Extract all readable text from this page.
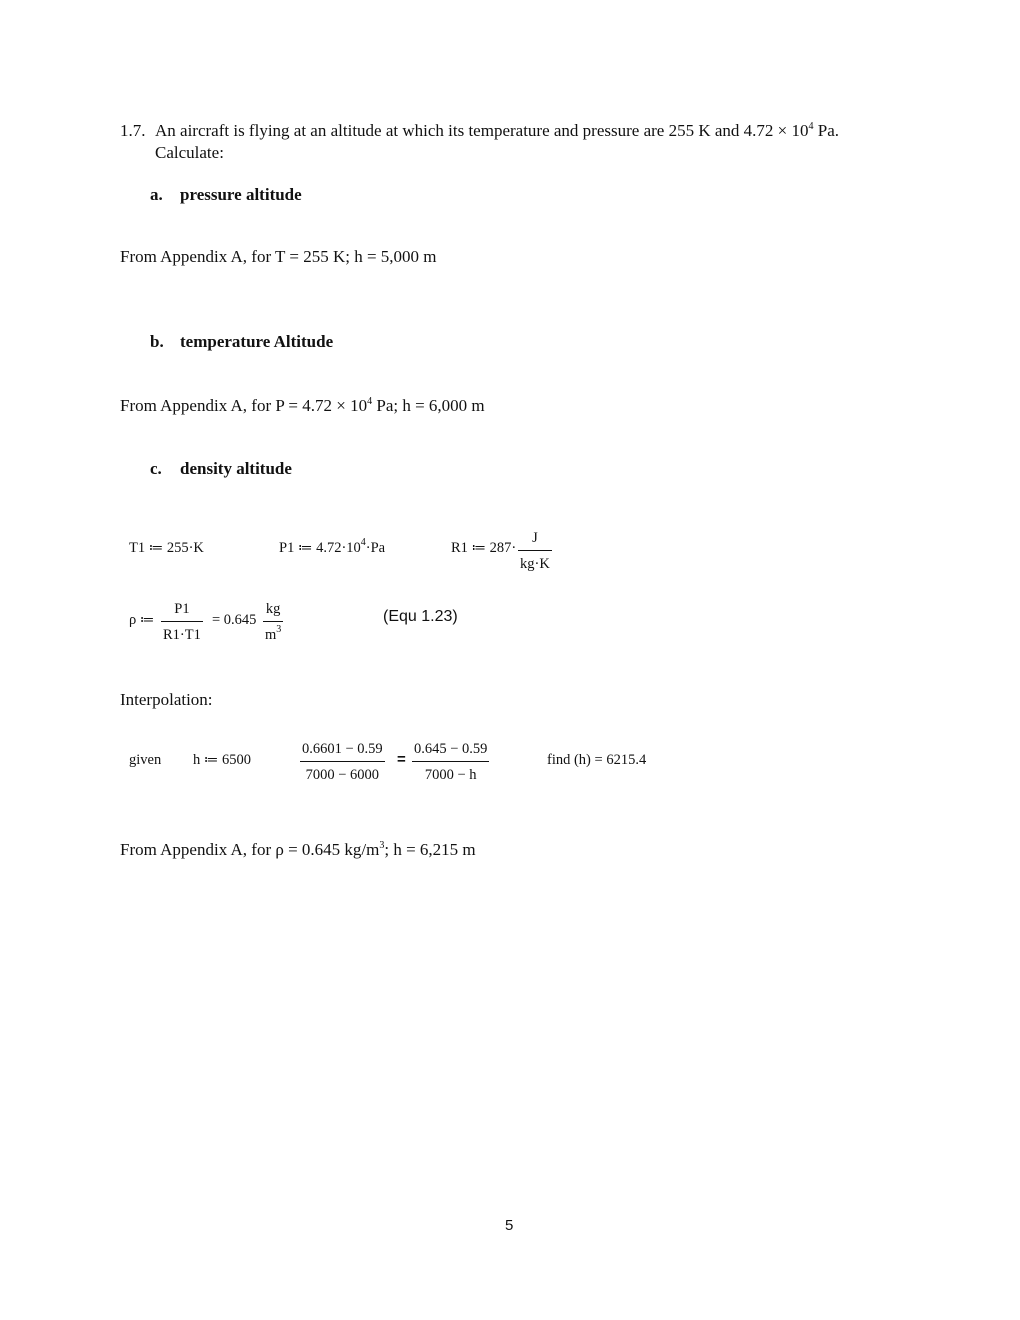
1.7. An aircraft is flying at an altitude at which its temperature and pressure are 255 K and $4.72 \times 10^4$ Pa.
Calculate:
a. pressure altitude
From Appendix A, for T = 255 K; h = 5,000 m
b. temperature Altitude
From Appendix A, for $P = 4.72 \times 10^4$ Pa; h = 6,000 m
c. density altitude
T1 ≔ 255·K	P1 ≔ $4.72\cdot 10^4\cdot Pa$	R1 ≔ 287·
J
kg·K
ρ ≔
P1
R1·T1
= 0.645
kg
$m^3$
(Equ 1.23)
Interpolation:
given h ≔ 6500
0.6601 − 0.59
7000 − 6000
=
0.645 − 0.59
7000 − h
find (h) = 6215.4
From Appendix A, for ρ = 0.645 $kg/m^3$; h = 6,215 m
5
